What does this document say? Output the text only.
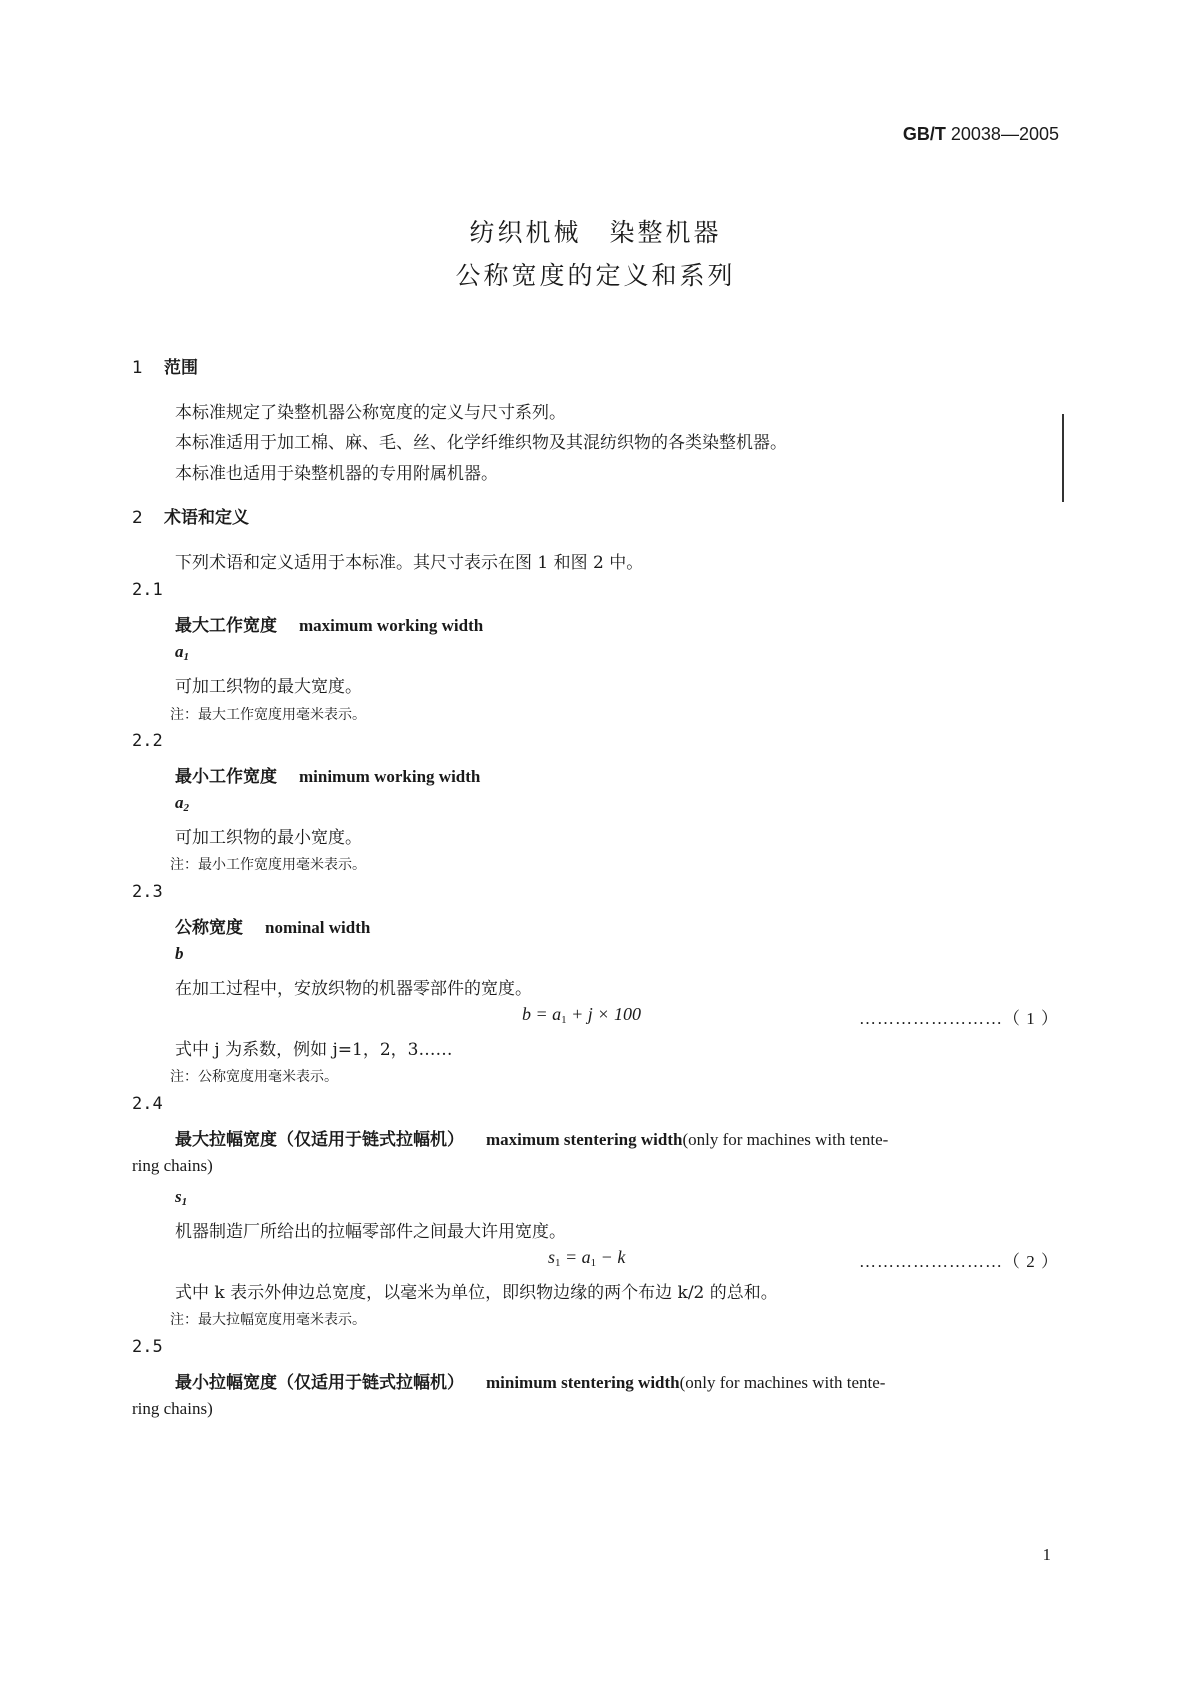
GB/T 20038—2005
纺织机械　染整机器
公称宽度的定义和系列
1 范围
本标准规定了染整机器公称宽度的定义与尺寸系列。
本标准适用于加工棉、麻、毛、丝、化学纤维织物及其混纺织物的各类染整机器。
本标准也适用于染整机器的专用附属机器。
2 术语和定义
下列术语和定义适用于本标准。其尺寸表示在图 1 和图 2 中。
2.1
最大工作宽度 maximum working width
$a_1$
可加工织物的最大宽度。
注：最大工作宽度用毫米表示。
2.2
最小工作宽度 minimum working width
$a_2$
可加工织物的最小宽度。
注：最小工作宽度用毫米表示。
2.3
公称宽度 nominal width
b
在加工过程中，安放织物的机器零部件的宽度。
$b = a_1 + j \times 100$	……………………（ 1 ）
式中 j 为系数，例如 j=1，2，3……
注：公称宽度用毫米表示。
2.4
最大拉幅宽度（仅适用于链式拉幅机） maximum stentering width(only for machines with tente-
ring chains)
$s_1$
机器制造厂所给出的拉幅零部件之间最大许用宽度。
$s_1 = a_1 - k$	……………………（ 2 ）
式中 k 表示外伸边总宽度，以毫米为单位，即织物边缘的两个布边 k/2 的总和。
注：最大拉幅宽度用毫米表示。
2.5
最小拉幅宽度（仅适用于链式拉幅机） minimum stentering width(only for machines with tente-
ring chains)
1
